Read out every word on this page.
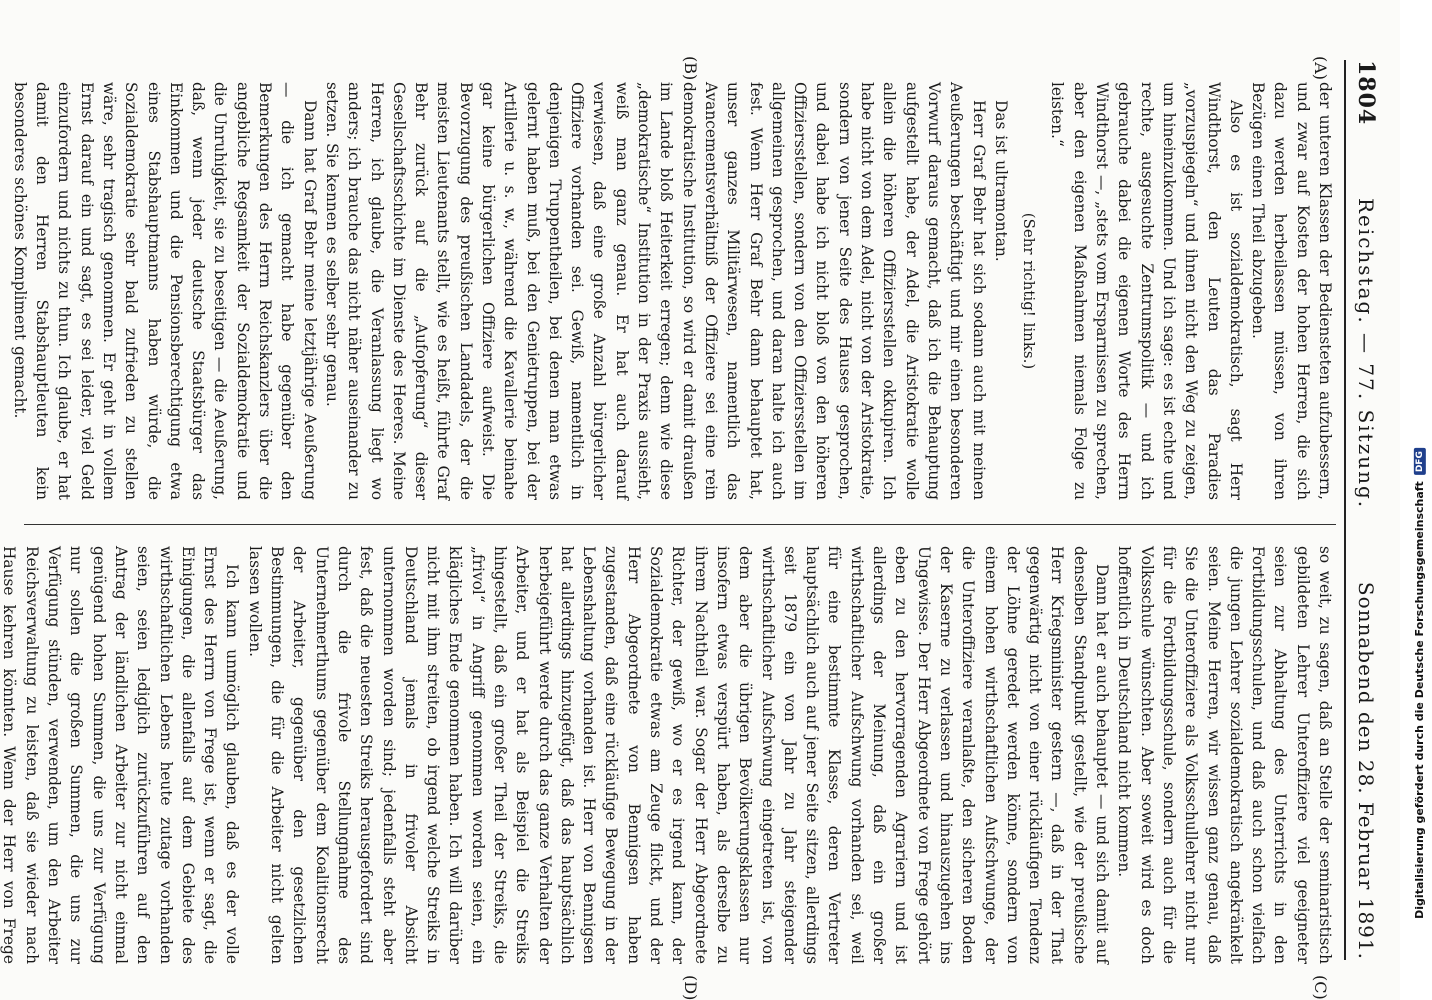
1804
Reichstag. — 77. Sitzung.
Sonnabend den 28. Februar 1891.
(A)
(B)
(C)
(D)

der unteren Klassen der Bediensteten aufzubessern, und zwar auf Kosten der hohen Herren, die sich dazu werden herbeilassen müssen, von ihren Bezügen einen Theil abzugeben.

Also es ist sozialdemokratisch, sagt Herr Windthorst, den Leuten das Paradies „vorzuspiegeln“ und ihnen nicht den Weg zu zeigen, um hineinzukommen. Und ich sage: es ist echte und rechte, ausgesuchte Zentrumspolitik — und ich gebrauche dabei die eigenen Worte des Herrn Windthorst —, „stets vom Ersparnissen zu sprechen, aber den eigenen Maßnahmen niemals Folge zu leisten.“

(Sehr richtig! links.)

Das ist ultramontan.

Herr Graf Behr hat sich sodann auch mit meinen Aeußerungen beschäftigt und mir einen besonderen Vorwurf daraus gemacht, daß ich die Behauptung aufgestellt habe, der Adel, die Aristokratie wolle allein die höheren Offiziersstellen okkupiren. Ich habe nicht von dem Adel, nicht von der Aristokratie, sondern von jener Seite des Hauses gesprochen, und dabei habe ich nicht bloß von den höheren Offiziersstellen, sondern von den Offiziersstellen im allgemeinen gesprochen, und daran halte ich auch fest. Wenn Herr Graf Behr dann behauptet hat, unser ganzes Militärwesen, namentlich das Avancementsverhältniß der Offiziere sei eine rein demokratische Institution, so wird er damit draußen im Lande bloß Heiterkeit erregen; denn wie diese „demokratische“ Institution in der Praxis aussieht, weiß man ganz genau. Er hat auch darauf verwiesen, daß eine große Anzahl bürgerlicher Offiziere vorhanden sei. Gewiß, namentlich in denjenigen Truppentheilen, bei denen man etwas gelernt haben muß, bei den Genietruppen, bei der Artillerie u. s. w., während die Kavallerie beinahe gar keine bürgerlichen Offiziere aufweist. Die Bevorzugung des preußischen Landadels, der die meisten Lieutenants stellt, wie es heißt, führte Graf Behr zurück auf die „Aufopferung“ dieser Gesellschaftsschichte im Dienste des Heeres. Meine Herren, ich glaube, die Veranlassung liegt wo anders; ich brauche das nicht näher auseinander zu setzen. Sie kennen es selber sehr genau.

Dann hat Graf Behr meine letztjährige Aeußerung — die ich gemacht habe gegenüber den Bemerkungen des Herrn Reichskanzlers über die angebliche Regsamkeit der Sozialdemokratie und die Unruhigkeit, sie zu beseitigen — die Aeußerung, daß, wenn jeder deutsche Staatsbürger das Einkommen und die Pensionsberechtigung etwa eines Stabshauptmanns haben würde, die Sozialdemokratie sehr bald zufrieden zu stellen wäre, sehr tragisch genommen. Er geht in vollem Ernst darauf ein und sagt, es sei leider, viel Geld einzufordern und nichts zu thun. Ich glaube, er hat damit den Herren Stabshauptleuten kein besonderes schönes Kompliment gemacht.

so weit, zu sagen, daß an Stelle der seminaristisch gebildeten Lehrer Unteroffiziere viel geeigneter seien zur Abhaltung des Unterrichts in den Fortbildungsschulen, und daß auch schon vielfach die jungen Lehrer sozialdemokratisch angekränkelt seien. Meine Herren, wir wissen ganz genau, daß Sie die Unteroffiziere als Volksschullehrer nicht nur für die Fortbildungsschule, sondern auch für die Volksschule wünschten. Aber soweit wird es doch hoffentlich in Deutschland nicht kommen.

Dann hat er auch behauptet — und sich damit auf denselben Standpunkt gestellt, wie der preußische Herr Kriegsminister gestern —, daß in der That gegenwärtig nicht von einer rückläufigen Tendenz der Löhne geredet werden könne, sondern von einem hohen wirthschaftlichen Aufschwunge, der die Unteroffiziere veranlaßte, den sicheren Boden der Kaserne zu verlassen und hinauszugehen ins Ungewisse. Der Herr Abgeordnete von Frege gehört eben zu den hervorragenden Agrariern und ist allerdings der Meinung, daß ein großer wirthschaftlicher Aufschwung vorhanden sei, weil für eine bestimmte Klasse, deren Vertreter hauptsächlich auch auf jener Seite sitzen, allerdings seit 1879 ein von Jahr zu Jahr steigender wirthschaftlicher Aufschwung eingetreten ist, von dem aber die übrigen Bevölkerungsklassen nur insofern etwas verspürt haben, als derselbe zu ihrem Nachtheil war. Sogar der Herr Abgeordnete Richter, der gewiß, wo er es irgend kann, der Sozialdemokratie etwas am Zeuge flickt, und der Herr Abgeordnete von Bennigsen haben zugestanden, daß eine rückläufige Bewegung in der Lebenshaltung vorhanden ist. Herr von Bennigsen hat allerdings hinzugefügt, daß das hauptsächlich herbeigeführt werde durch das ganze Verhalten der Arbeiter, und er hat als Beispiel die Streiks hingestellt, daß ein großer Theil der Streiks, die „frivol“ in Angriff genommen worden seien, ein klägliches Ende genommen haben. Ich will darüber nicht mit ihm streiten, ob irgend welche Streiks in Deutschland jemals in frivoler Absicht unternommen worden sind; jedenfalls steht aber fest, daß die neuesten Streiks herausgefordert sind durch die frivole Stellungnahme des Unternehmerthums gegenüber dem Koalitionsrecht der Arbeiter, gegenüber den gesetzlichen Bestimmungen, die für die Arbeiter nicht gelten lassen wollen.

Ich kann unmöglich glauben, daß es der volle Ernst des Herrn von Frege ist, wenn er sagt, die Einigungen, die allenfalls auf dem Gebiete des wirthschaftlichen Lebens heute zutage vorhanden seien, seien lediglich zurückzuführen auf den Antrag der ländlichen Arbeiter zur nicht einmal genügend hohen Summen, die uns zur Verfügung nur sollen die großen Summen, die uns zur Verfügung stünden, verwenden, um den Arbeiter Reichsverwaltung zu leisten, daß sie wieder nach Hause kehren könnten. Wenn der Herr von Frege

Digitalisierung gefördert durch die Deutsche Forschungsgemeinschaft
DFG
